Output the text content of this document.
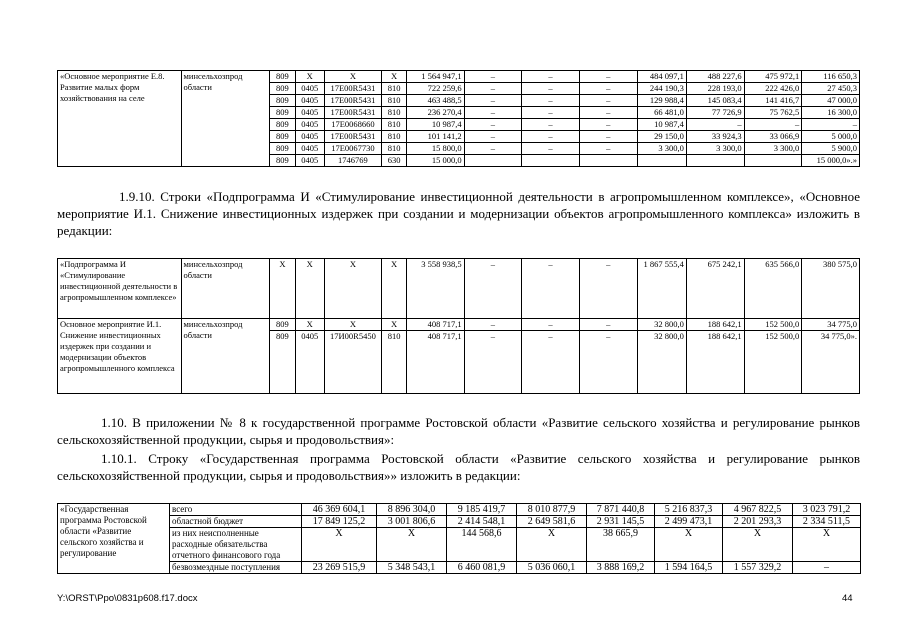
«Основное мероприятие Е.8. Развитие малых форм хозяйствования на селе	минсельхозпрод области	809	X	X	X	1 564 947,1	–	–	–	484 097,1	488 227,6	475 972,1	116 650,3
		809	0405	17Е00R5431	810	722 259,6	–	–	–	244 190,3	228 193,0	222 426,0	27 450,3
		809	0405	17Е00R5431	810	463 488,5	–	–	–	129 988,4	145 083,4	141 416,7	47 000,0
		809	0405	17Е00R5431	810	236 270,4	–	–	–	66 481,0	77 726,9	75 762,5	16 300,0
		809	0405	17Е0068660	810	10 987,4	–	–	–	10 987,4	–	–	–
		809	0405	17Е00R5431	810	101 141,2	–	–	–	29 150,0	33 924,3	33 066,9	5 000,0
		809	0405	17Е0067730	810	15 800,0	–	–	–	3 300,0	3 300,0	3 300,0	5 900,0
		809	0405	1746769	630	15 000,0							15 000,0».»

1.9.10. Строки «Подпрограмма И «Стимулирование инвестиционной деятельности в агропромышленном комплексе», «Основное мероприятие И.1. Снижение инвестиционных издержек при создании и модернизации объектов агропромышленного комплекса» изложить в редакции:

«Подпрограмма И «Стимулирование инвестиционной деятельности в агропромышленном комплексе»	минсельхозпрод области	X	X	X	X	3 558 938,5	–	–	–	1 867 555,4	675 242,1	635 566,0	380 575,0
Основное мероприятие И.1. Снижение инвестиционных издержек при создании и модернизации объектов агропромышленного комплекса	минсельхозпрод области	809	X	X	X	408 717,1	–	–	–	32 800,0	188 642,1	152 500,0	34 775,0
		809	0405	17И00R5450	810	408 717,1	–	–	–	32 800,0	188 642,1	152 500,0	34 775,0».

1.10. В приложении № 8 к государственной программе Ростовской области «Развитие сельского хозяйства и регулирование рынков сельскохозяйственной продукции, сырья и продовольствия»:

1.10.1. Строку «Государственная программа Ростовской области «Развитие сельского хозяйства и регулирование рынков сельскохозяйственной продукции, сырья и продовольствия»» изложить в редакции:

«Государственная программа Ростовской области «Развитие сельского хозяйства и регулирование	всего	46 369 604,1	8 896 304,0	9 185 419,7	8 010 877,9	7 871 440,8	5 216 837,3	4 967 822,5	3 023 791,2
	областной бюджет	17 849 125,2	3 001 806,6	2 414 548,1	2 649 581,6	2 931 145,5	2 499 473,1	2 201 293,3	2 334 511,5
	из них неисполненные расходные обязательства отчетного финансового года	X	X	144 568,6	X	38 665,9	X	X	X
	безвозмездные поступления	23 269 515,9	5 348 543,1	6 460 081,9	5 036 060,1	3 888 169,2	1 594 164,5	1 557 329,2	–
Y:\ORST\Ppo\0831p608.f17.docx	44
